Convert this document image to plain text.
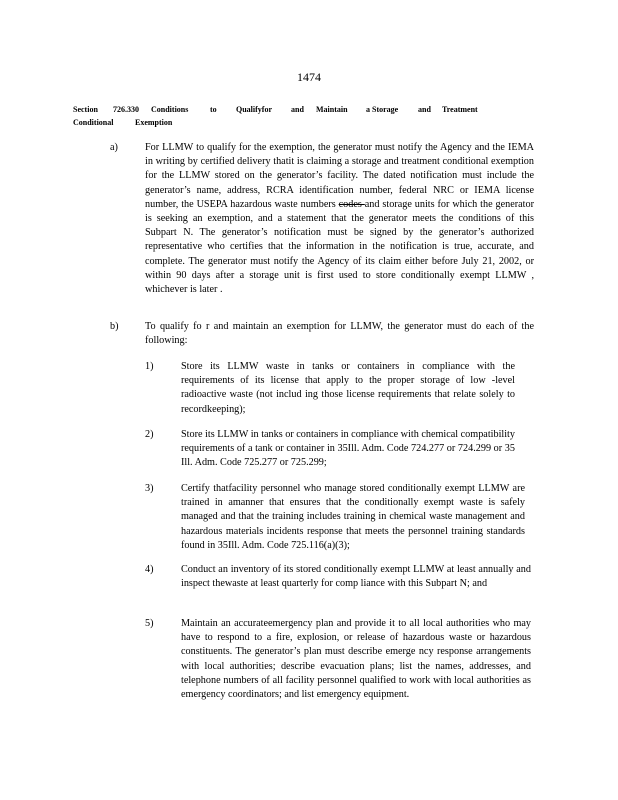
1474
Section 726.330 Conditions	to Qualifyfor and Maintain a Storage and Treatment
Conditional	Exemption
a)	For LLMW to qualify for the exemption, the generator must notify the Agency and the IEMA in writing by certified delivery thatit is claiming a storage and treatment conditional exemption for the LLMW stored on the generator’s facility. The dated notification must include the generator’s name, address, RCRA identification number, federal NRC or IEMA license number, the USEPA hazardous waste numbers codes and storage units for which the generator is seeking an exemption, and a statement that the generator meets the conditions of this Subpart N. The generator’s notification must be signed by the generator’s authorized representative who certifies that the information in the notification is true, accurate, and complete. The generator must notify the Agency of its claim either before July 21, 2002, or within 90 days after a storage unit is first used to store conditionally exempt LLMW , whichever is later .
b)	To qualify fo r and maintain an exemption for LLMW, the generator must do each of the following:
1)	Store its LLMW waste in tanks or containers in compliance with the requirements of its license that apply to the proper storage of low -level radioactive waste (not includ ing those license requirements that relate solely to recordkeeping);
2)	Store its LLMW in tanks or containers in compliance with chemical compatibility requirements of a tank or container in 35Ill. Adm. Code 724.277 or 724.299 or 35 Ill. Adm. Code 725.277 or 725.299;
3)	Certify thatfacility personnel who manage stored conditionally exempt LLMW are trained in amanner that ensures that the conditionally exempt waste is safely managed and that the training includes training in chemical waste management and hazardous materials incidents response that meets the personnel training standards found in 35Ill. Adm. Code 725.116(a)(3);
4)	Conduct an inventory of its stored conditionally exempt LLMW at least annually and inspect thewaste at least quarterly for comp liance with this Subpart N; and
5)	Maintain an accurateemergency plan and provide it to all local authorities who may have to respond to a fire, explosion, or release of hazardous waste or hazardous constituents. The generator’s plan must describe emerge ncy response arrangements with local authorities; describe evacuation plans; list the names, addresses, and telephone numbers of all facility personnel qualified to work with local authorities as emergency coordinators; and list emergency equipment.
